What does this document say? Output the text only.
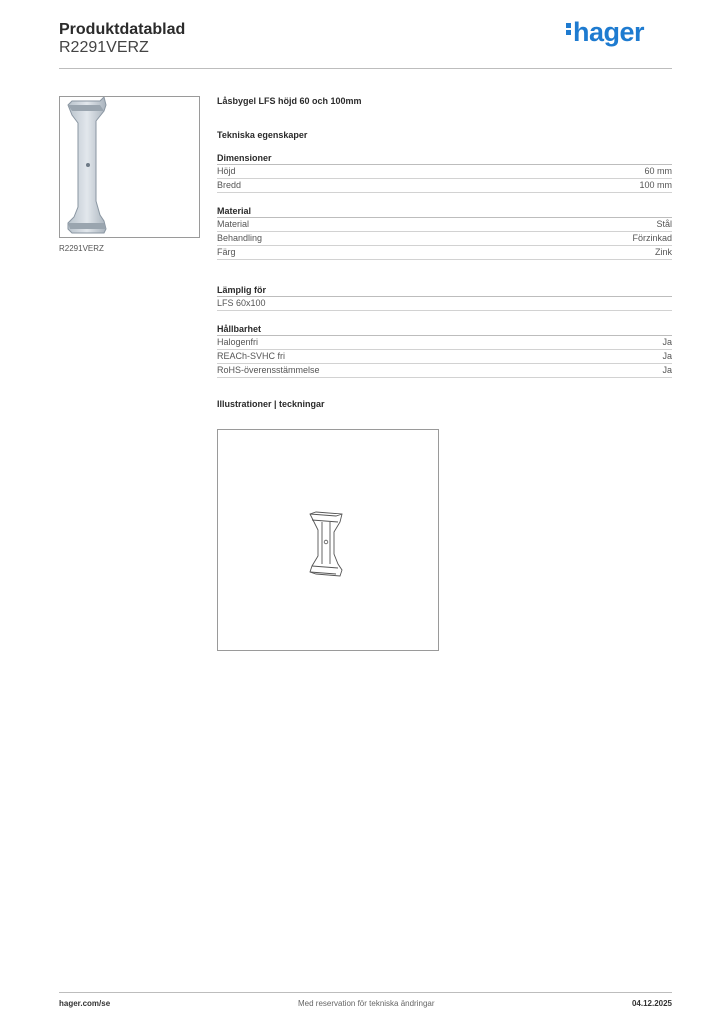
Produktdatablad
R2291VERZ
hager
R2291VERZ
Låsbygel LFS höjd 60 och 100mm
Tekniska egenskaper
Dimensioner
Höjd	60 mm
Bredd	100 mm
Material
Material	Stål
Behandling	Förzinkad
Färg	Zink
Lämplig för
LFS 60x100
Hållbarhet
Halogenfri	Ja
REACh-SVHC fri	Ja
RoHS-överensstämmelse	Ja
Illustrationer | teckningar
hager.com/se	Med reservation för tekniska ändringar	04.12.2025
